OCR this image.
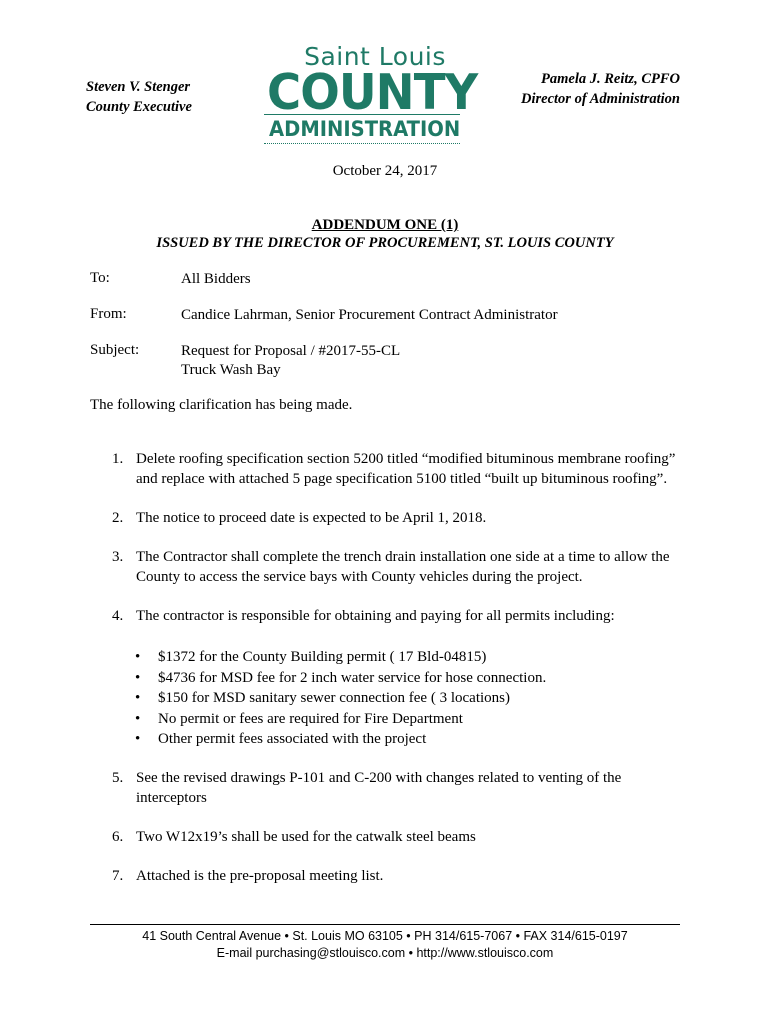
Steven V. Stenger
County Executive
Saint Louis
COUNTY
ADMINISTRATION
Pamela J. Reitz, CPFO
Director of Administration
October 24, 2017
ADDENDUM ONE (1)
ISSUED BY THE DIRECTOR OF PROCUREMENT, ST. LOUIS COUNTY
To:	All Bidders
From:	Candice Lahrman, Senior Procurement Contract Administrator
Subject:	Request for Proposal / #2017-55-CL
Truck Wash Bay
The following clarification has being made.
1. Delete roofing specification section 5200 titled “modified bituminous membrane roofing”
and replace with attached 5 page specification 5100 titled “built up bituminous roofing”.
2. The notice to proceed date is expected to be April 1, 2018.
3. The Contractor shall complete the trench drain installation one side at a time to allow the
County to access the service bays with County vehicles during the project.
4. The contractor is responsible for obtaining and paying for all permits including:
• $1372 for the County Building permit ( 17 Bld-04815)
• $4736 for MSD fee for 2 inch water service for hose connection.
• $150 for MSD sanitary sewer connection fee ( 3 locations)
• No permit or fees are required for Fire Department
• Other permit fees associated with the project
5. See the revised drawings P-101 and C-200 with changes related to venting of the
interceptors
6. Two W12x19’s shall be used for the catwalk steel beams
7. Attached is the pre-proposal meeting list.
41 South Central Avenue • St. Louis MO 63105 • PH 314/615-7067 • FAX 314/615-0197
E-mail purchasing@stlouisco.com • http://www.stlouisco.com
